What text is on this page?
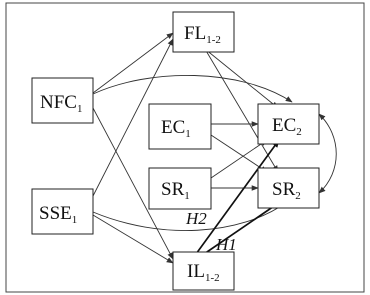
$NFC_1$
$SSE_1$
$FL_{1-2}$
$EC_1$
$SR_1$
$IL_{1-2}$
$EC_2$
$SR_2$
H2
H1
